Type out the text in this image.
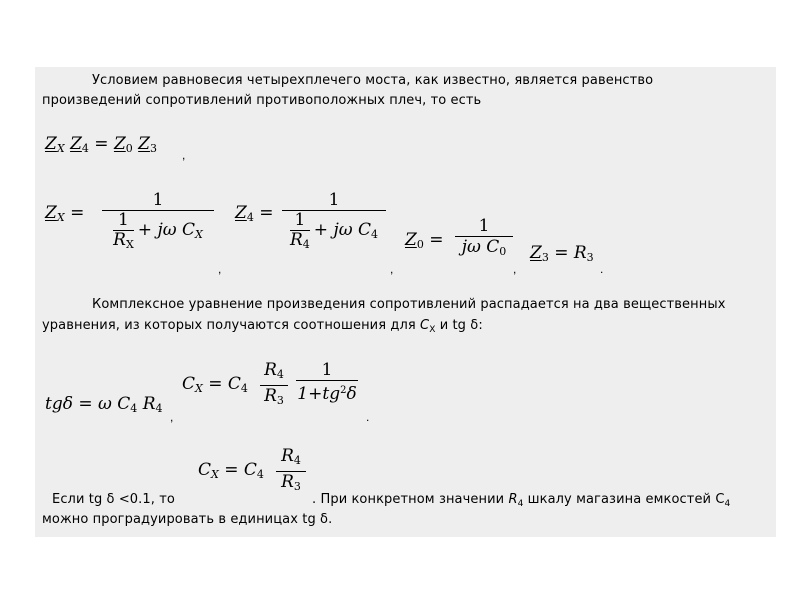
Условием равновесия четырехплечего моста, как известно, является равенство
произведений сопротивлений противоположных плеч, то есть
$Z_X$ $Z_4 = Z_0$ $Z_3$ ,
$Z_X$ =
1
$\frac{1}{R_X} + j\omega$ $C_X$
,
$Z_4$ =
1
$\frac{1}{R_4} + j\omega$ $C_4$
,
$Z_0$ =
1
jω $C_0$
,
$Z_3 = R_3$
.
Комплексное уравнение произведения сопротивлений распадается на два вещественных
уравнения, из которых получаются соотношения для $C_X$ и tg δ:
tgδ = ω $C_4$ $R_4$
,
$C_X = C_4$
$R_4$
$R_3$
1
$1+tg^2\delta$
.
$C_X = C_4$
$R_4$
$R_3$
Если tg δ <0.1, то	. При конкретном значении $R_4$ шкалу магазина емкостей $C_4$
можно проградуировать в единицах tg δ.
